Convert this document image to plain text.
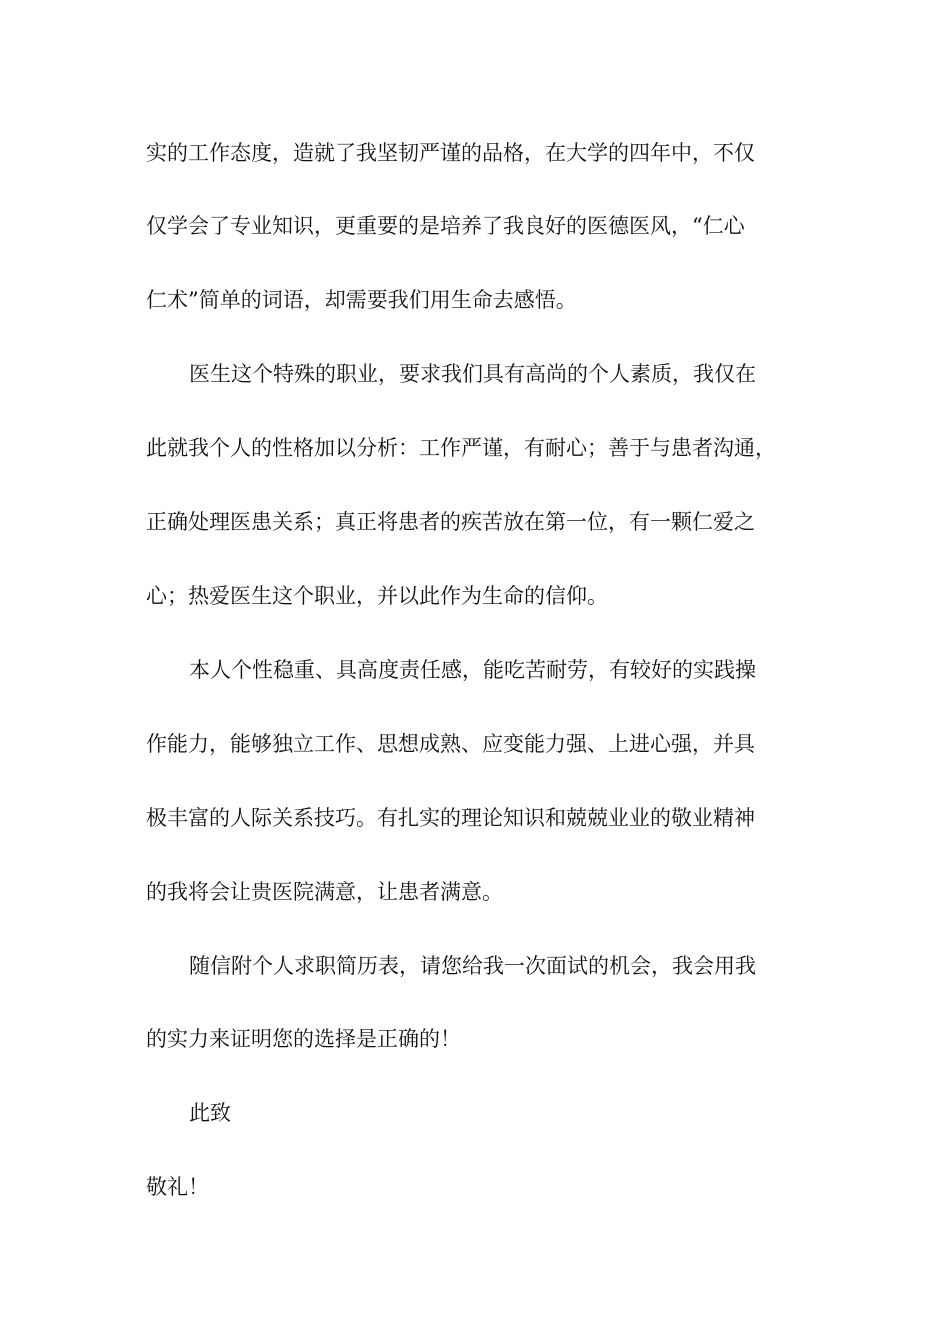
实的工作态度，造就了我坚韧严谨的品格，在大学的四年中，不仅

仅学会了专业知识，更重要的是培养了我良好的医德医风，“仁心

仁术”简单的词语，却需要我们用生命去感悟。

医生这个特殊的职业，要求我们具有高尚的个人素质，我仅在

此就我个人的性格加以分析：工作严谨，有耐心；善于与患者沟通，

正确处理医患关系；真正将患者的疾苦放在第一位，有一颗仁爱之

心；热爱医生这个职业，并以此作为生命的信仰。

本人个性稳重、具高度责任感，能吃苦耐劳，有较好的实践操

作能力，能够独立工作、思想成熟、应变能力强、上进心强，并具

极丰富的人际关系技巧。有扎实的理论知识和兢兢业业的敬业精神

的我将会让贵医院满意，让患者满意。

随信附个人求职简历表，请您给我一次面试的机会，我会用我

的实力来证明您的选择是正确的！

此致

敬礼！
